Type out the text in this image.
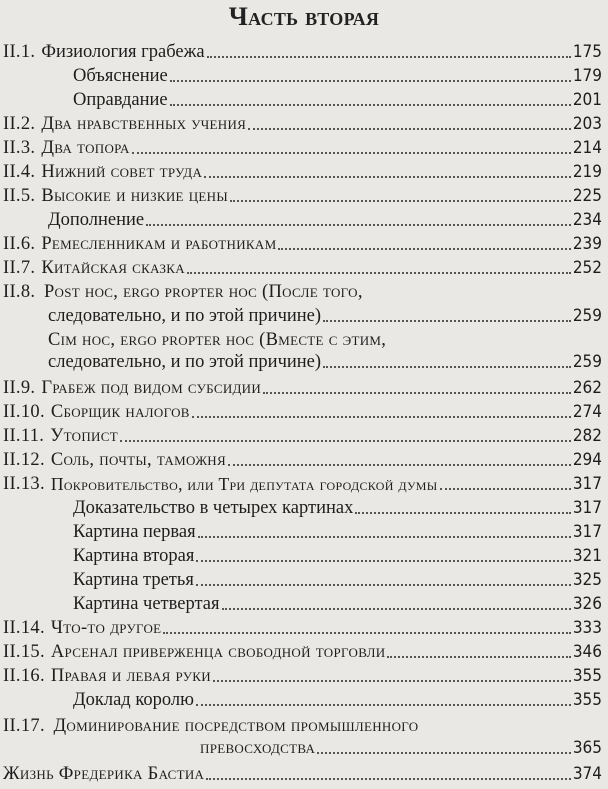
Часть вторая
II.1. Физиология грабежа	175
Объяснение	179
Оправдание	201
II.2. Два нравственных учения	203
II.3. Два топора	214
II.4. Нижний совет труда	219
II.5. Высокие и низкие цены	225
Дополнение	234
II.6. Ремесленникам и работникам	239
II.7. Китайская сказка	252
II.8. Post hoc, ergo propter hoc (После того,
следовательно, и по этой причине)	259
Cim hoc, ergo propter hoc (Вместе с этим,
следовательно, и по этой причине)	259
II.9. Грабеж под видом субсидии	262
II.10. Сборщик налогов	274
II.11. Утопист	282
II.12. Соль, почты, таможня	294
II.13. Покровительство, или Три депутата городской думы	317
Доказательство в четырех картинах	317
Картина первая	317
Картина вторая	321
Картина третья	325
Картина четвертая	326
II.14. Что-то другое	333
II.15. Арсенал приверженца свободной торговли	346
II.16. Правая и левая руки	355
Доклад королю	355
II.17. Доминирование посредством промышленного
превосходства	365
Жизнь Фредерика Бастиа	374
